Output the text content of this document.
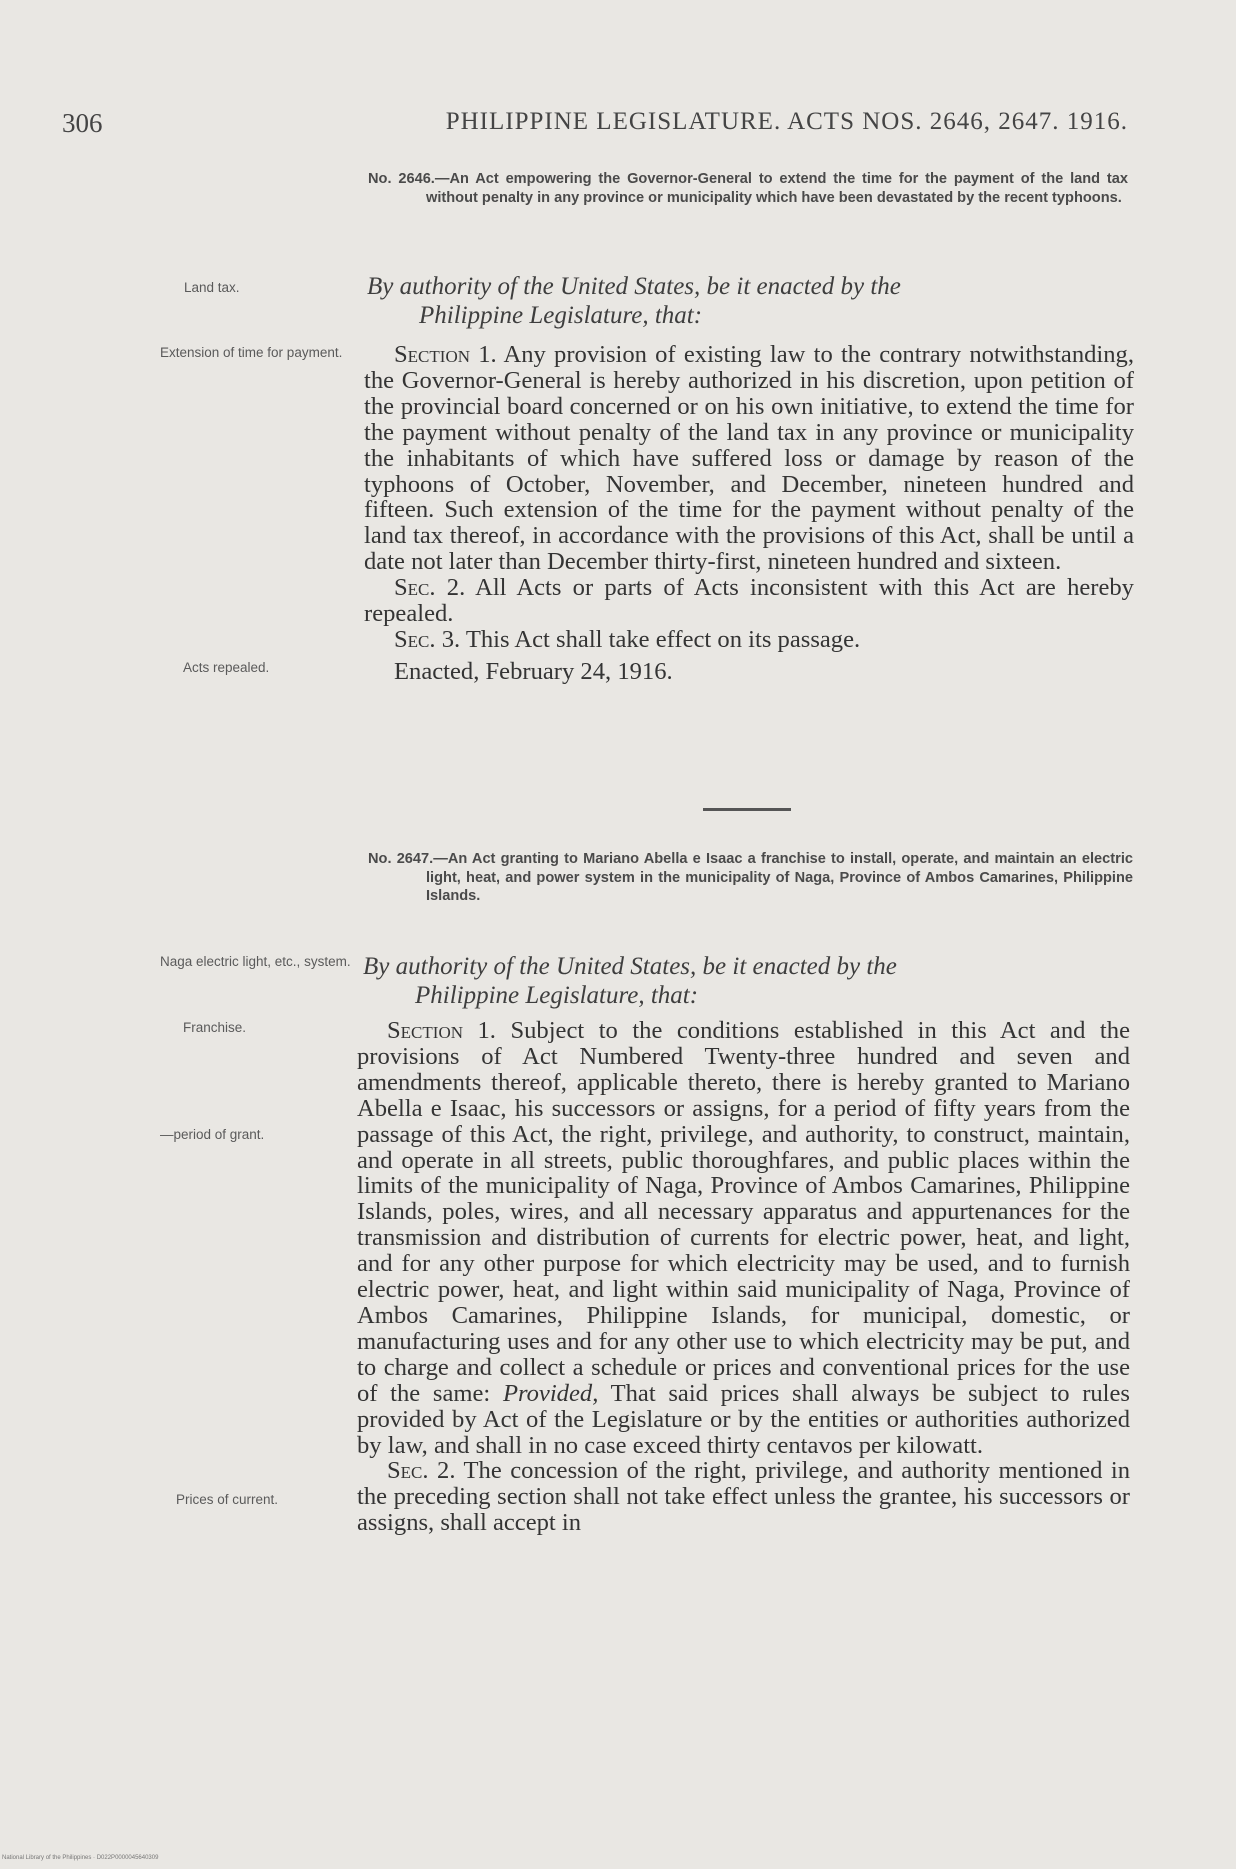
306	PHILIPPINE LEGISLATURE. ACTS NOS. 2646, 2647. 1916.
No. 2646.—An Act empowering the Governor-General to extend the time for the payment of the land tax without penalty in any province or municipality which have been devastated by the recent typhoons.
Land tax.	By authority of the United States, be it enacted by the
Philippine Legislature, that:
Extension of time for payment.	Section 1. Any provision of existing law to the contrary notwithstanding, the Governor-General is hereby authorized in his discretion, upon petition of the provincial board concerned or on his own initiative, to extend the time for the payment without penalty of the land tax in any province or municipality the inhabitants of which have suffered loss or damage by reason of the typhoons of October, November, and December, nineteen hundred and fifteen. Such extension of the time for the payment without penalty of the land tax thereof, in accordance with the provisions of this Act, shall be until a date not later than December thirty-first, nineteen hundred and sixteen.

Sec. 2. All Acts or parts of Acts inconsistent with this Act are hereby repealed.

Sec. 3. This Act shall take effect on its passage.

Enacted, February 24, 1916.

Acts repealed.
No. 2647.—An Act granting to Mariano Abella e Isaac a franchise to install, operate, and maintain an electric light, heat, and power system in the municipality of Naga, Province of Ambos Camarines, Philippine Islands.
Naga electric light, etc., system. By authority of the United States, be it enacted by the
Philippine Legislature, that:
Franchise.
—period of grant.
Prices of current.

Section 1. Subject to the conditions established in this Act and the provisions of Act Numbered Twenty-three hundred and seven and amendments thereof, applicable thereto, there is hereby granted to Mariano Abella e Isaac, his successors or assigns, for a period of fifty years from the passage of this Act, the right, privilege, and authority, to construct, maintain, and operate in all streets, public thoroughfares, and public places within the limits of the municipality of Naga, Province of Ambos Camarines, Philippine Islands, poles, wires, and all necessary apparatus and appurtenances for the transmission and distribution of currents for electric power, heat, and light, and for any other purpose for which electricity may be used, and to furnish electric power, heat, and light within said municipality of Naga, Province of Ambos Camarines, Philippine Islands, for municipal, domestic, or manufacturing uses and for any other use to which electricity may be put, and to charge and collect a schedule or prices and conventional prices for the use of the same: Provided, That said prices shall always be subject to rules provided by Act of the Legislature or by the entities or authorities authorized by law, and shall in no case exceed thirty centavos per kilowatt.

Sec. 2. The concession of the right, privilege, and authority mentioned in the preceding section shall not take effect unless the grantee, his successors or assigns, shall accept in

National Library of the Philippines · D022P0000045640309
